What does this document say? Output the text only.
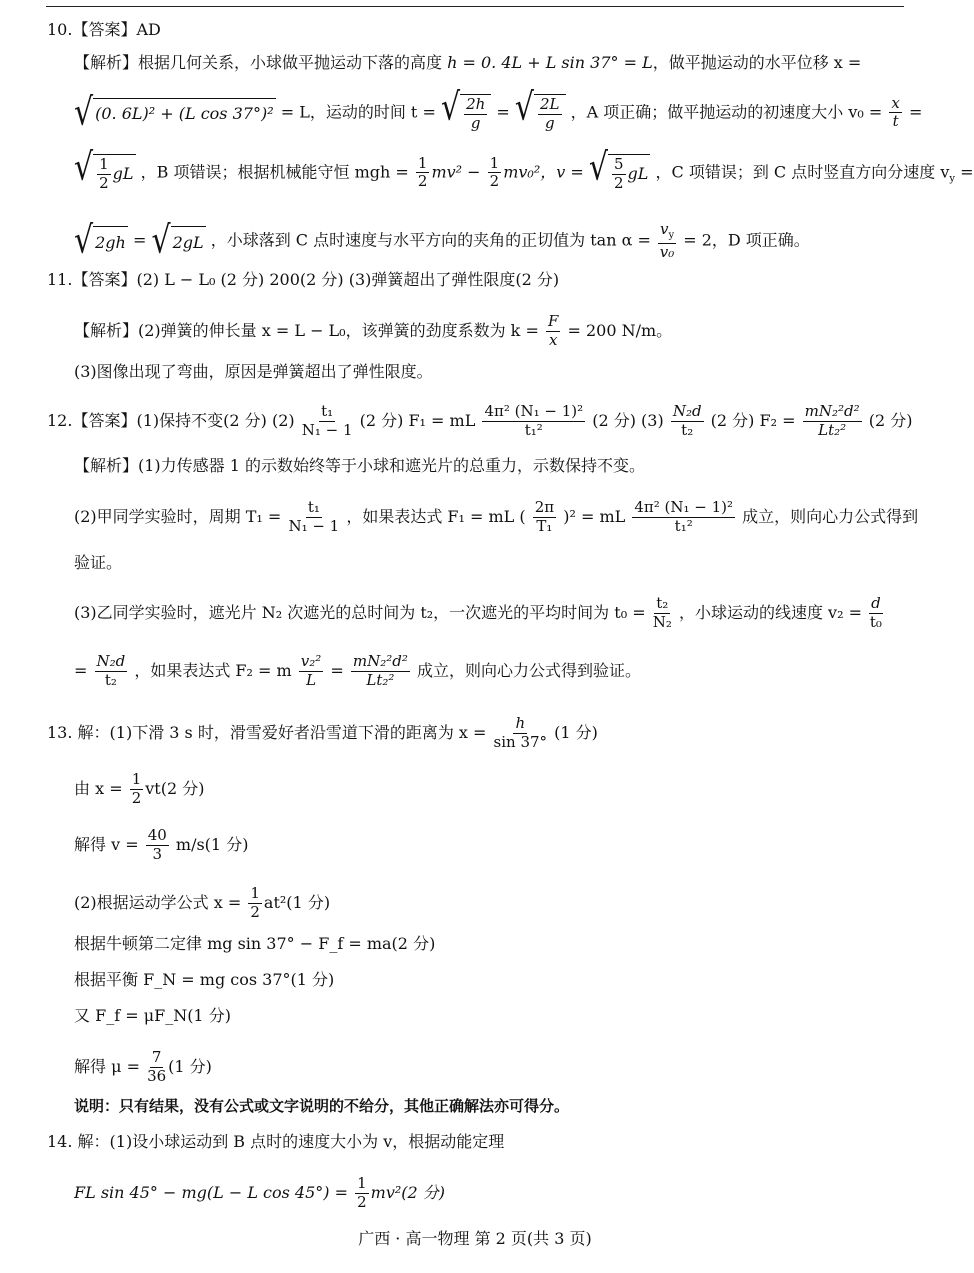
10.【答案】AD
【解析】根据几何关系，小球做平抛运动下落的高度 h = 0. 4L + L sin 37° = L，做平抛运动的水平位移 x =
√ (0. 6L)² + (L cos 37°)² = L，运动的时间 t = √ $\frac{2h}{g}$ = √ $\frac{2L}{g}$ ，A 项正确；做平抛运动的初速度大小 $v_0 = \frac{x}{t}$ =
√ $\frac{1}{2}$ gL ，B 项错误；根据机械能守恒 mgh = $\frac{1}{2} mv^2 - \frac{1}{2} mv_0^2$，v = √ $\frac{5}{2}$ gL ，C 项错误；到 C 点时竖直方向分速度 $v_y$ =
√ 2gh = √ 2gL ，小球落到 C 点时速度与水平方向的夹角的正切值为 $\tan \alpha = \frac{v_y}{\text{v₀}} = 2$，D 项正确。
11.【答案】(2) L − L₀ (2 分) 200(2 分) (3)弹簧超出了弹性限度(2 分)
【解析】(2)弹簧的伸长量 x = L − L₀，该弹簧的劲度系数为 $k = \frac{F}{x} = 200$ N/m。
(3)图像出现了弯曲，原因是弹簧超出了弹性限度。
12.【答案】(1)保持不变(2 分) $(2) \frac{\text{t₁}}{\text{N₁ − 1}} (2$ 分) F₁ = mL $\frac{\text{4π² (N₁ − 1)²}}{\text{t₁²}} (2$ 分) $(3) \frac{\text{N₂d}}{\text{t₂}} (2$ 分) $F_2 = \frac{\text{mN₂²d²}}{\text{Lt₂²}} (2$ 分)
【解析】(1)力传感器 1 的示数始终等于小球和遮光片的总重力，示数保持不变。
(2)甲同学实验时，周期 $T_1 = \frac{\text{t₁}}{\text{N₁ − 1}}$ ，如果表达式 F₁ = mL ( $\frac{2\pi}{\text{T₁}} )^2$ = mL $\frac{\text{4π² (N₁ − 1)²}}{\text{t₁²}}$ 成立，则向心力公式得到
验证。
(3)乙同学实验时，遮光片 N₂ 次遮光的总时间为 t₂，一次遮光的平均时间为 $t_0 = \frac{\text{t₂}}{\text{N₂}}$ ，小球运动的线速度 $v_2 = \frac{d}{\text{t₀}}$
= $\frac{\text{N₂d}}{\text{t₂}}$ ，如果表达式 F₂ = m $\frac{\text{v₂²}}{L} = \frac{\text{mN₂²d²}}{\text{Lt₂²}}$ 成立，则向心力公式得到验证。
13. 解：(1)下滑 3 s 时，滑雪爱好者沿雪道下滑的距离为 $x = \frac{h}{\sin 37^\circ} (1$ 分)
由 $x = \frac{1}{2} vt(2$ 分)
解得 $v = \frac{40}{3} m/s(1$ 分)
(2)根据运动学公式 $x = \frac{1}{2} at^2(1$ 分)
根据牛顿第二定律 mg sin 37° − F_f = ma(2 分)
根据平衡 F_N = mg cos 37°(1 分)
又 F_f = μF_N(1 分)
解得 $\mu = \frac{7}{36} (1$ 分)
说明：只有结果，没有公式或文字说明的不给分，其他正确解法亦可得分。
14. 解：(1)设小球运动到 B 点时的速度大小为 v，根据动能定理
FL sin 45° − mg(L − L $\cos 45^\circ) = \frac{1}{2} mv^2(2$ 分)
广西 · 高一物理 第 2 页(共 3 页)
